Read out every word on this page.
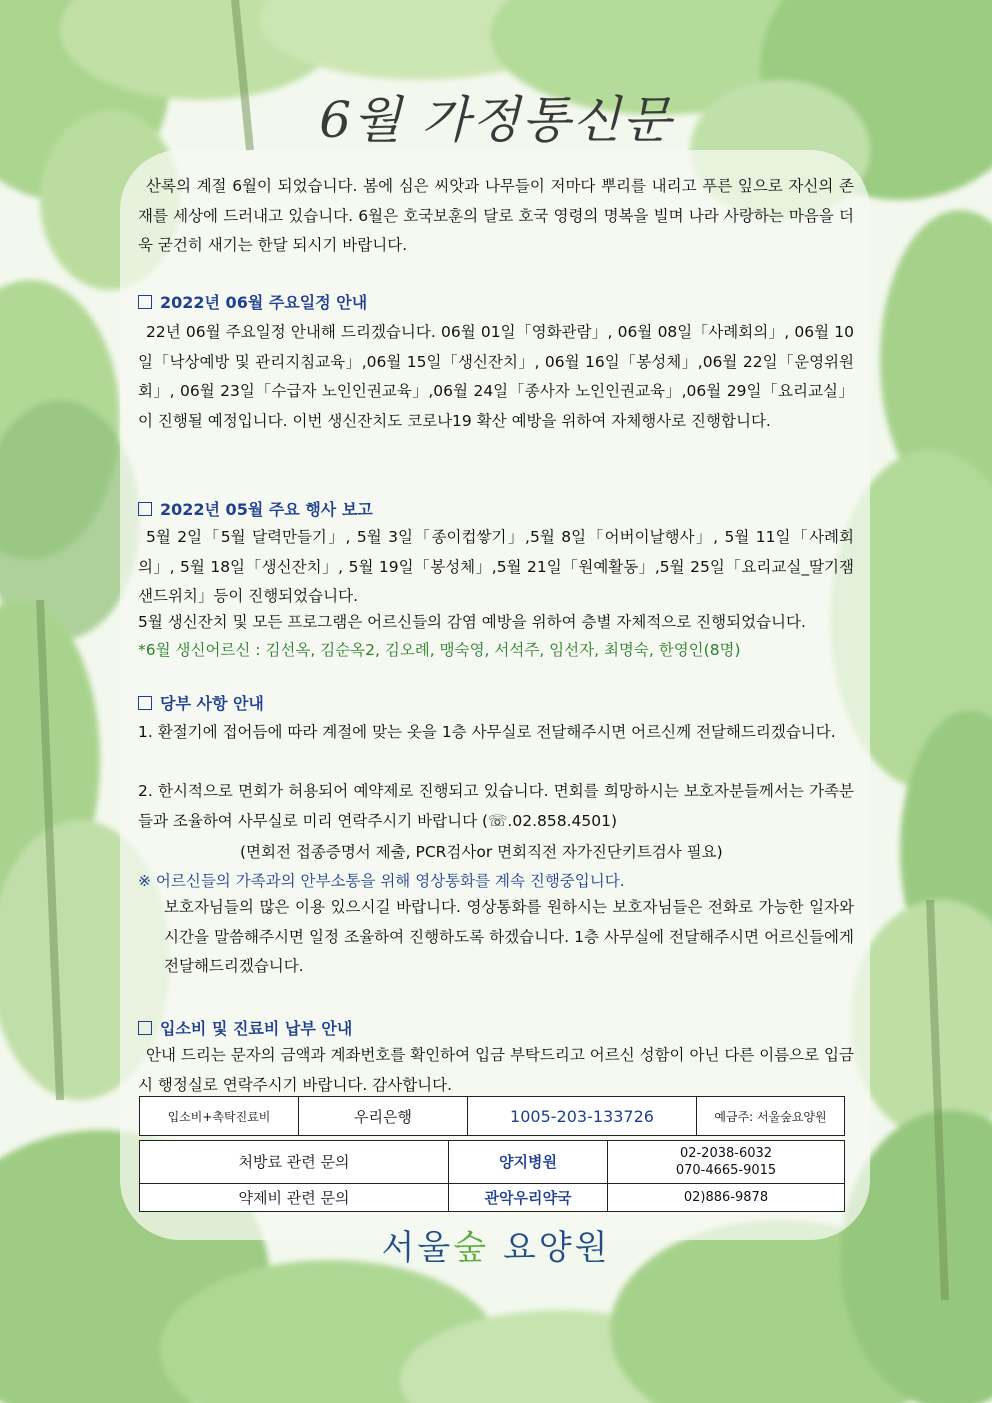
6월 가정통신문
산록의 계절 6월이 되었습니다. 봄에 심은 씨앗과 나무들이 저마다 뿌리를 내리고 푸른 잎으로 자신의 존재를 세상에 드러내고 있습니다. 6월은 호국보훈의 달로 호국 영령의 명복을 빌며 나라 사랑하는 마음을 더욱 굳건히 새기는 한달 되시기 바랍니다.
2022년 06월 주요일정 안내
22년 06월 주요일정 안내해 드리겠습니다. 06월 01일「영화관람」, 06월 08일「사례회의」, 06월 10일「낙상예방 및 관리지침교육」,06월 15일「생신잔치」, 06월 16일「봉성체」,06월 22일「운영위원회」, 06월 23일「수급자 노인인권교육」,06월 24일「종사자 노인인권교육」,06월 29일「요리교실」이 진행될 예정입니다. 이번 생신잔치도 코로나19 확산 예방을 위하여 자체행사로 진행합니다.
2022년 05월 주요 행사 보고
5월 2일「5월 달력만들기」, 5월 3일「종이컵쌓기」,5월 8일「어버이날행사」, 5월 11일「사례회의」, 5월 18일「생신잔치」, 5월 19일「봉성체」,5월 21일「원예활동」,5월 25일「요리교실_딸기잼샌드위치」등이 진행되었습니다.
5월 생신잔치 및 모든 프로그램은 어르신들의 감염 예방을 위하여 층별 자체적으로 진행되었습니다.
*6월 생신어르신 : 김선옥, 김순옥2, 김오례, 맹숙영, 서석주, 임선자, 최명숙, 한영인(8명)
당부 사항 안내
1. 환절기에 접어듬에 따라 계절에 맞는 옷을 1층 사무실로 전달해주시면 어르신께 전달해드리겠습니다.
2. 한시적으로 면회가 허용되어 예약제로 진행되고 있습니다. 면회를 희망하시는 보호자분들께서는 가족분들과 조율하여 사무실로 미리 연락주시기 바랍니다 (☏.02.858.4501)
(면회전 접종증명서 제출, PCR검사or 면회직전 자가진단키트검사 필요)
※ 어르신들의 가족과의 안부소통을 위해 영상통화를 계속 진행중입니다.
보호자님들의 많은 이용 있으시길 바랍니다. 영상통화를 원하시는 보호자님들은 전화로 가능한 일자와 시간을 말씀해주시면 일정 조율하여 진행하도록 하겠습니다. 1층 사무실에 전달해주시면 어르신들에게 전달해드리겠습니다.
입소비 및 진료비 납부 안내
안내 드리는 문자의 금액과 계좌번호를 확인하여 입금 부탁드리고 어르신 성함이 아닌 다른 이름으로 입금 시 행정실로 연락주시기 바랍니다. 감사합니다.
입소비+촉탁진료비	우리은행	1005-203-133726	예금주: 서울숲요양원
처방료 관련 문의	양지병원	02-2038-6032
070-4665-9015

약제비 관련 문의	관악우리약국	02)886-9878
서울숲 요양원
